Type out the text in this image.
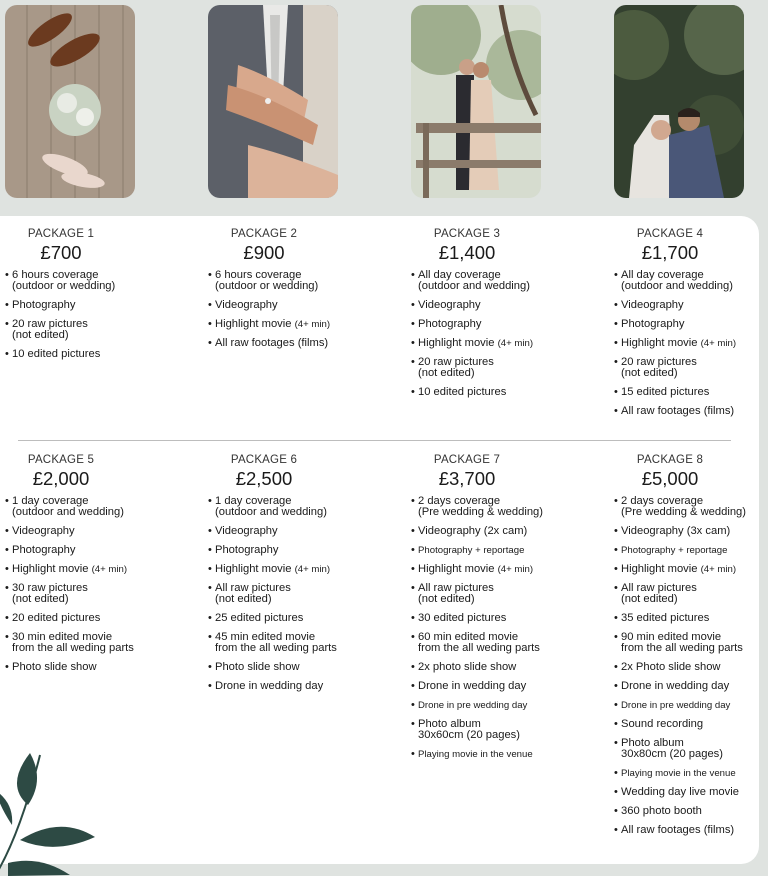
PACKAGE 1
£700
• 6 hours coverage
(outdoor or wedding)
• Photography
• 20 raw pictures
(not edited)
• 10 edited pictures
PACKAGE 2
£900
• 6 hours coverage
(outdoor or wedding)
• Videography
• Highlight movie (4+ min)
• All raw footages (films)
PACKAGE 3
£1,400
• All day coverage
(outdoor and wedding)
• Videography
• Photography
• Highlight movie (4+ min)
• 20 raw pictures
(not edited)
• 10 edited pictures
PACKAGE 4
£1,700
• All day coverage
(outdoor and wedding)
• Videography
• Photography
• Highlight movie (4+ min)
• 20 raw pictures
(not edited)
• 15 edited pictures
• All raw footages (films)
PACKAGE 5
£2,000
• 1 day coverage
(outdoor and wedding)
• Videography
• Photography
• Highlight movie (4+ min)
• 30 raw pictures
(not edited)
• 20 edited pictures
• 30 min edited movie
from the all weding parts
• Photo slide show
PACKAGE 6
£2,500
• 1 day coverage
(outdoor and wedding)
• Videography
• Photography
• Highlight movie (4+ min)
• All raw pictures
(not edited)
• 25 edited pictures
• 45 min edited movie
from the all weding parts
• Photo slide show
• Drone in wedding day
PACKAGE 7
£3,700
• 2 days coverage
(Pre wedding & wedding)
• Videography (2x cam)
• Photography + reportage
• Highlight movie (4+ min)
• All raw pictures
(not edited)
• 30 edited pictures
• 60 min edited movie
from the all weding parts
• 2x photo slide show
• Drone in wedding day
• Drone in pre wedding day
• Photo album
30x60cm (20 pages)
• Playing movie in the venue
PACKAGE 8
£5,000
• 2 days coverage
(Pre wedding & wedding)
• Videography (3x cam)
• Photography + reportage
• Highlight movie (4+ min)
• All raw pictures
(not edited)
• 35 edited pictures
• 90 min edited movie
from the all weding parts
• 2x Photo slide show
• Drone in wedding day
• Drone in pre wedding day
• Sound recording
• Photo album
30x80cm (20 pages)
• Playing movie in the venue
• Wedding day live movie
• 360 photo booth
• All raw footages (films)
